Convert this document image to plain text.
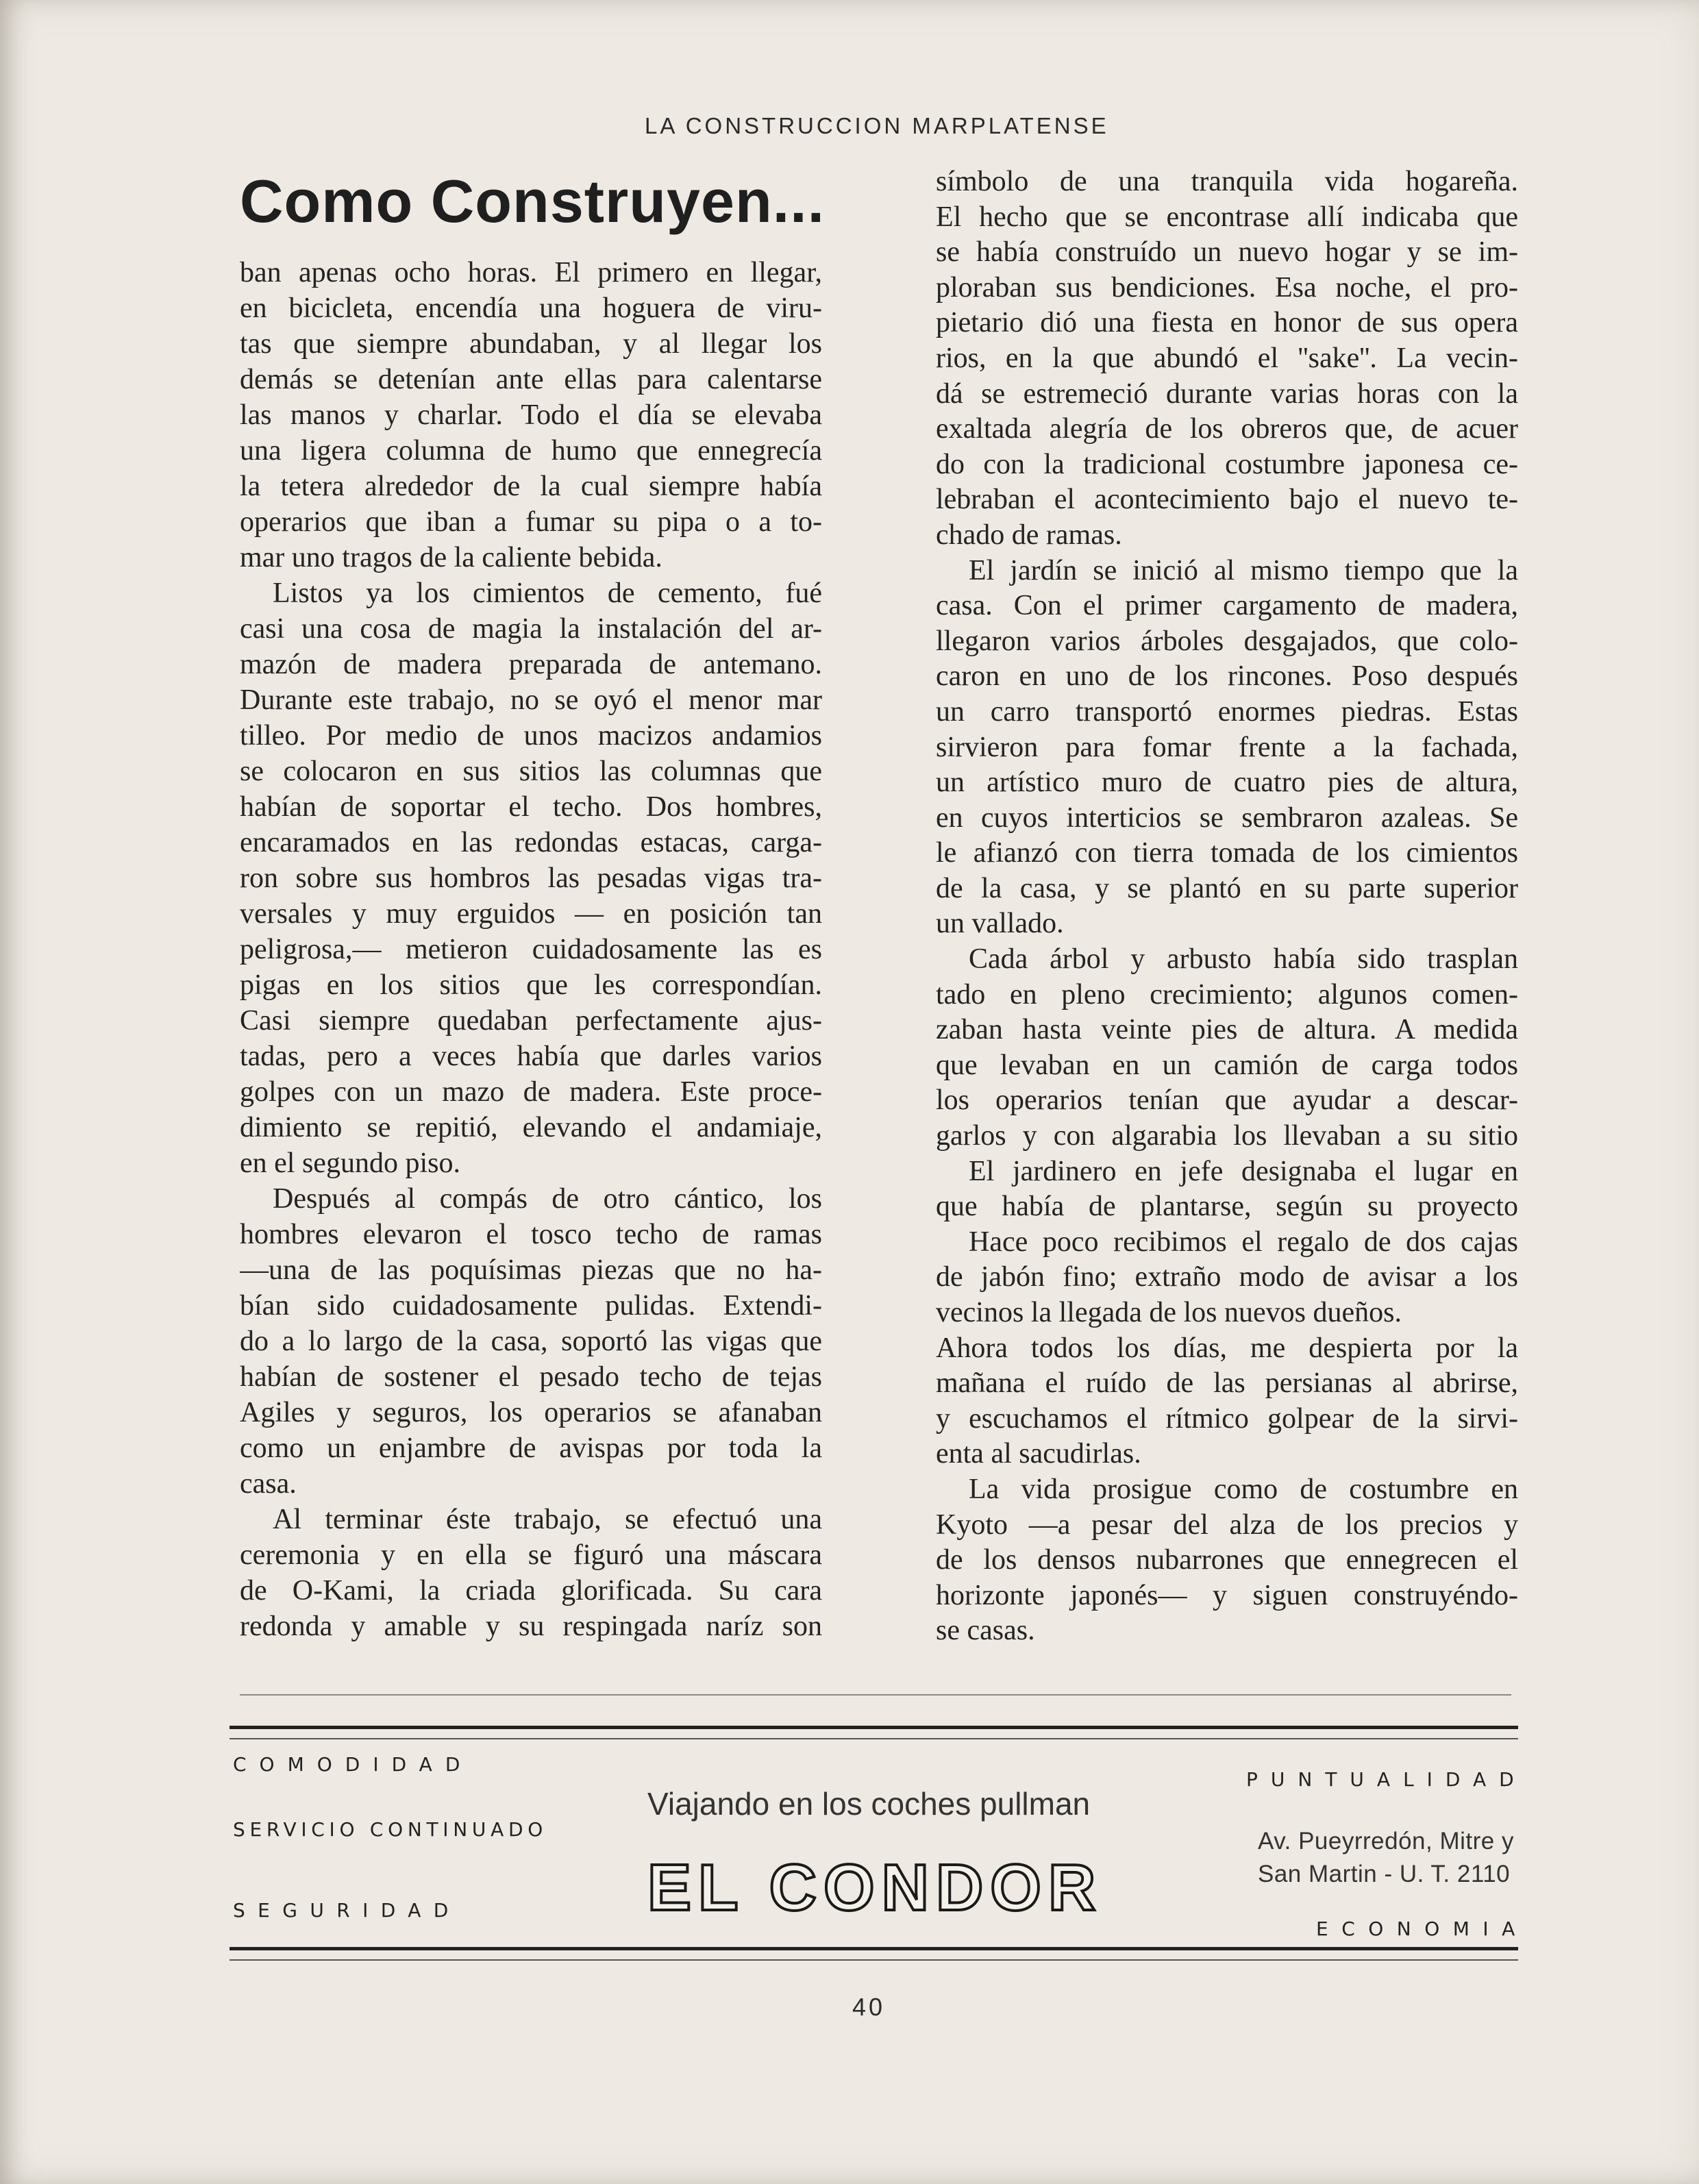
LA CONSTRUCCION MARPLATENSE
Como Construyen...
ban apenas ocho horas. El primero en llegar,
en bicicleta, encendía una hoguera de viru-
tas que siempre abundaban, y al llegar los
demás se detenían ante ellas para calentarse
las manos y charlar. Todo el día se elevaba
una ligera columna de humo que ennegrecía
la tetera alrededor de la cual siempre había
operarios que iban a fumar su pipa o a to-
mar uno tragos de la caliente bebida.
Listos ya los cimientos de cemento, fué
casi una cosa de magia la instalación del ar-
mazón de madera preparada de antemano.
Durante este trabajo, no se oyó el menor mar
tilleo. Por medio de unos macizos andamios
se colocaron en sus sitios las columnas que
habían de soportar el techo. Dos hombres,
encaramados en las redondas estacas, carga-
ron sobre sus hombros las pesadas vigas tra-
versales y muy erguidos — en posición tan
peligrosa,— metieron cuidadosamente las es
pigas en los sitios que les correspondían.
Casi siempre quedaban perfectamente ajus-
tadas, pero a veces había que darles varios
golpes con un mazo de madera. Este proce-
dimiento se repitió, elevando el andamiaje,
en el segundo piso.
Después al compás de otro cántico, los
hombres elevaron el tosco techo de ramas
—una de las poquísimas piezas que no ha-
bían sido cuidadosamente pulidas. Extendi-
do a lo largo de la casa, soportó las vigas que
habían de sostener el pesado techo de tejas
Agiles y seguros, los operarios se afanaban
como un enjambre de avispas por toda la
casa.
Al terminar éste trabajo, se efectuó una
ceremonia y en ella se figuró una máscara
de O-Kami, la criada glorificada. Su cara
redonda y amable y su respingada naríz son
símbolo de una tranquila vida hogareña.
El hecho que se encontrase allí indicaba que
se había construído un nuevo hogar y se im-
ploraban sus bendiciones. Esa noche, el pro-
pietario dió una fiesta en honor de sus opera
rios, en la que abundó el ''sake''. La vecin-
dá se estremeció durante varias horas con la
exaltada alegría de los obreros que, de acuer
do con la tradicional costumbre japonesa ce-
lebraban el acontecimiento bajo el nuevo te-
chado de ramas.
El jardín se inició al mismo tiempo que la
casa. Con el primer cargamento de madera,
llegaron varios árboles desgajados, que colo-
caron en uno de los rincones. Poso después
un carro transportó enormes piedras. Estas
sirvieron para fomar frente a la fachada,
un artístico muro de cuatro pies de altura,
en cuyos interticios se sembraron azaleas. Se
le afianzó con tierra tomada de los cimientos
de la casa, y se plantó en su parte superior
un vallado.
Cada árbol y arbusto había sido trasplan
tado en pleno crecimiento; algunos comen-
zaban hasta veinte pies de altura. A medida
que levaban en un camión de carga todos
los operarios tenían que ayudar a descar-
garlos y con algarabia los llevaban a su sitio
El jardinero en jefe designaba el lugar en
que había de plantarse, según su proyecto
Hace poco recibimos el regalo de dos cajas
de jabón fino; extraño modo de avisar a los
vecinos la llegada de los nuevos dueños.
Ahora todos los días, me despierta por la
mañana el ruído de las persianas al abrirse,
y escuchamos el rítmico golpear de la sirvi-
enta al sacudirlas.
La vida prosigue como de costumbre en
Kyoto —a pesar del alza de los precios y
de los densos nubarrones que ennegrecen el
horizonte japonés— y siguen construyéndo-
se casas.
COMODIDAD
SERVICIO CONTINUADO
SEGURIDAD
PUNTUALIDAD
ECONOMIA
Viajando en los coches pullman
EL CONDOR
Av. Pueyrredón, Mitre y
San Martin - U. T. 2110
40
